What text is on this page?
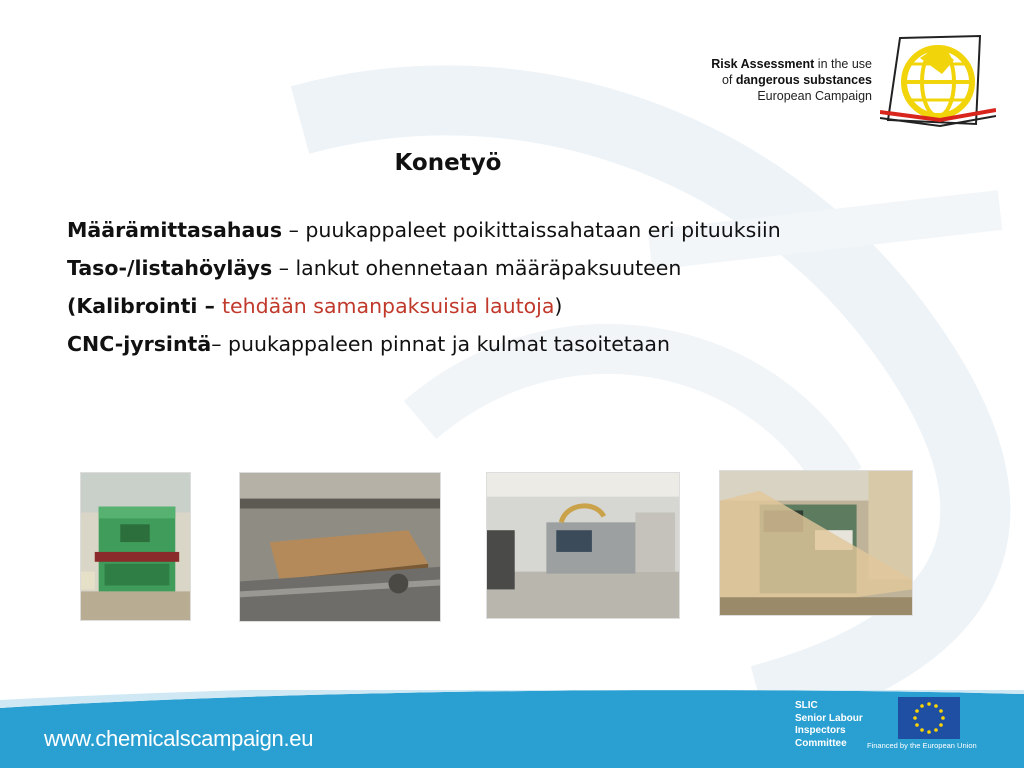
Risk Assessment in the use
of dangerous substances
European Campaign
Konetyö
Määrämittasahaus – puukappaleet poikittaissahataan eri pituuksiin
Taso-/listahöyläys – lankut ohennetaan määräpaksuuteen
(Kalibrointi – tehdään samanpaksuisia lautoja)
CNC-jyrsintä– puukappaleen pinnat ja kulmat tasoitetaan
www.chemicalscampaign.eu
SLIC
Senior Labour
Inspectors
Committee	Financed by the European Union
